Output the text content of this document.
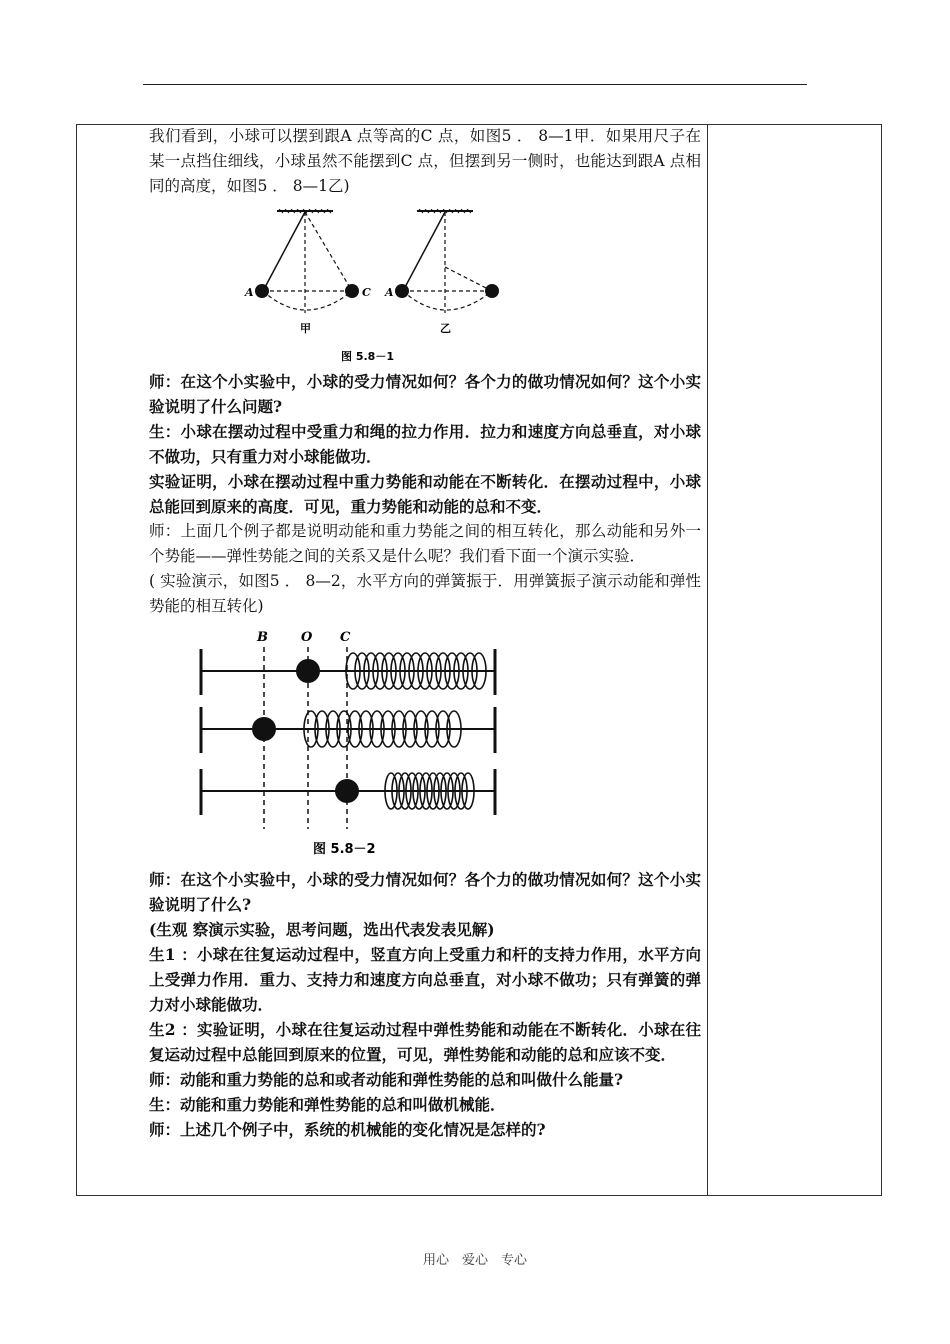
我们看到，小球可以摆到跟A 点等高的C 点，如图5 ． 8—1甲．如果用尺子在某一点挡住细线，小球虽然不能摆到C 点，但摆到另一侧时，也能达到跟A 点相同的高度，如图5 ． 8—1乙)

A	C
甲
A
乙
图 5.8－1

师：在这个小实验中，小球的受力情况如何？各个力的做功情况如何？这个小实验说明了什么问题?

生：小球在摆动过程中受重力和绳的拉力作用．拉力和速度方向总垂直，对小球不做功，只有重力对小球能做功．

实验证明，小球在摆动过程中重力势能和动能在不断转化．在摆动过程中，小球总能回到原来的高度．可见，重力势能和动能的总和不变．

师：上面几个例子都是说明动能和重力势能之间的相互转化，那么动能和另外一个势能——弹性势能之间的关系又是什么呢？我们看下面一个演示实验．

( 实验演示，如图5 ． 8—2，水平方向的弹簧振于．用弹簧振子演示动能和弹性势能的相互转化)

B	O C
图 5.8－2

师：在这个小实验中，小球的受力情况如何？各个力的做功情况如何？这个小实验说明了什么?

(生观 察演示实验，思考问题，选出代表发表见解)

生1 ：小球在往复运动过程中，竖直方向上受重力和杆的支持力作用，水平方向上受弹力作用．重力、支持力和速度方向总垂直，对小球不做功；只有弹簧的弹力对小球能做功．

生2 ：实验证明，小球在往复运动过程中弹性势能和动能在不断转化．小球在往复运动过程中总能回到原来的位置，可见，弹性势能和动能的总和应该不变．

师：动能和重力势能的总和或者动能和弹性势能的总和叫做什么能量?

生：动能和重力势能和弹性势能的总和叫做机械能．

师：上述几个例子中，系统的机械能的变化情况是怎样的?

用心　爱心　专心
